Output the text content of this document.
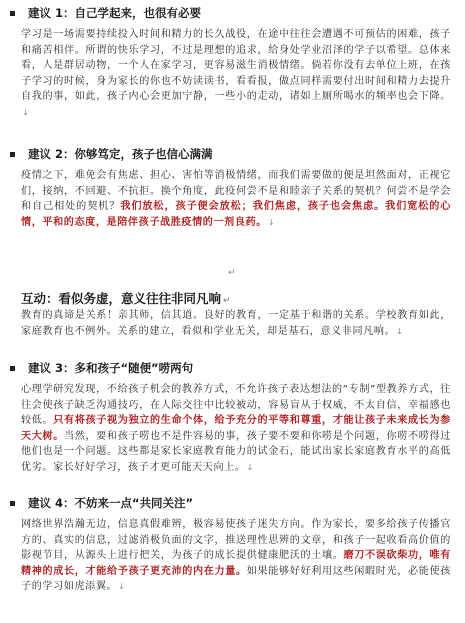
建议 1：自己学起来，也很有必要
学习是一场需要持续投入时间和精力的长久战役，在途中往往会遭遇不可预估的困难，孩子和痛苦相伴。所谓的快乐学习，不过是理想的追求，给身处学业沼泽的学子以希望。总体来看，人是群居动物，一个人在家学习，更容易滋生消极情绪。倘若你没有去单位上班，在孩子学习的时候，身为家长的你也不妨读读书，看看报，做点同样需要付出时间和精力去提升自我的事，如此，孩子内心会更加宁静，一些小的走动，诸如上厕所喝水的频率也会下降。↓
建议 2：你够笃定，孩子也信心满满
疫情之下，难免会有焦虑、担心、害怕等消极情绪，而我们需要做的便是坦然面对，正视它们，接纳，不回避、不抗拒。换个角度，此疫何尝不是和睦亲子关系的契机？何尝不是学会和自己相处的契机？我们放松，孩子便会放松；我们焦虑，孩子也会焦虑。我们宽松的心情，平和的态度，是陪伴孩子战胜疫情的一剂良药。↓
↵
互动：看似务虚，意义往往非同凡响 ↵
教育的真谛是关系！亲其师，信其道。良好的教育，一定基于和谐的关系。学校教育如此，家庭教育也不例外。关系的建立，看似和学业无关，却是基石，意义非同凡响。↓
建议 3：多和孩子“随便”唠两句
心理学研究发现，不给孩子机会的教养方式，不允许孩子表达想法的“专制”型教养方式，往往会使孩子缺乏沟通技巧，在人际交往中比较被动，容易盲从于权威，不太自信，幸福感也较低。只有将孩子视为独立的生命个体，给予充分的平等和尊重，才能让孩子未来成长为参天大树。当然，要和孩子唠也不是件容易的事，孩子要不要和你唠是个问题，你唠不唠得过他们也是一个问题。这些都是家长家庭教育能力的试金石，能试出家长家庭教育水平的高低优劣。家长好好学习，孩子才更可能天天向上。↓
建议 4：不妨来一点“共同关注”
网络世界浩瀚无边，信息真假难辨，极容易使孩子迷失方向。作为家长，要多给孩子传播官方的、真实的信息，过滤消极负面的文字，推送理性思辨的文章，和孩子一起收看高价值的影视节目，从源头上进行把关，为孩子的成长提供健康肥沃的土壤。磨刀不误砍柴功，唯有精神的成长，才能给予孩子更充沛的内在力量。如果能够好好利用这些闲暇时光，必能使孩子的学习如虎添翼。↓
